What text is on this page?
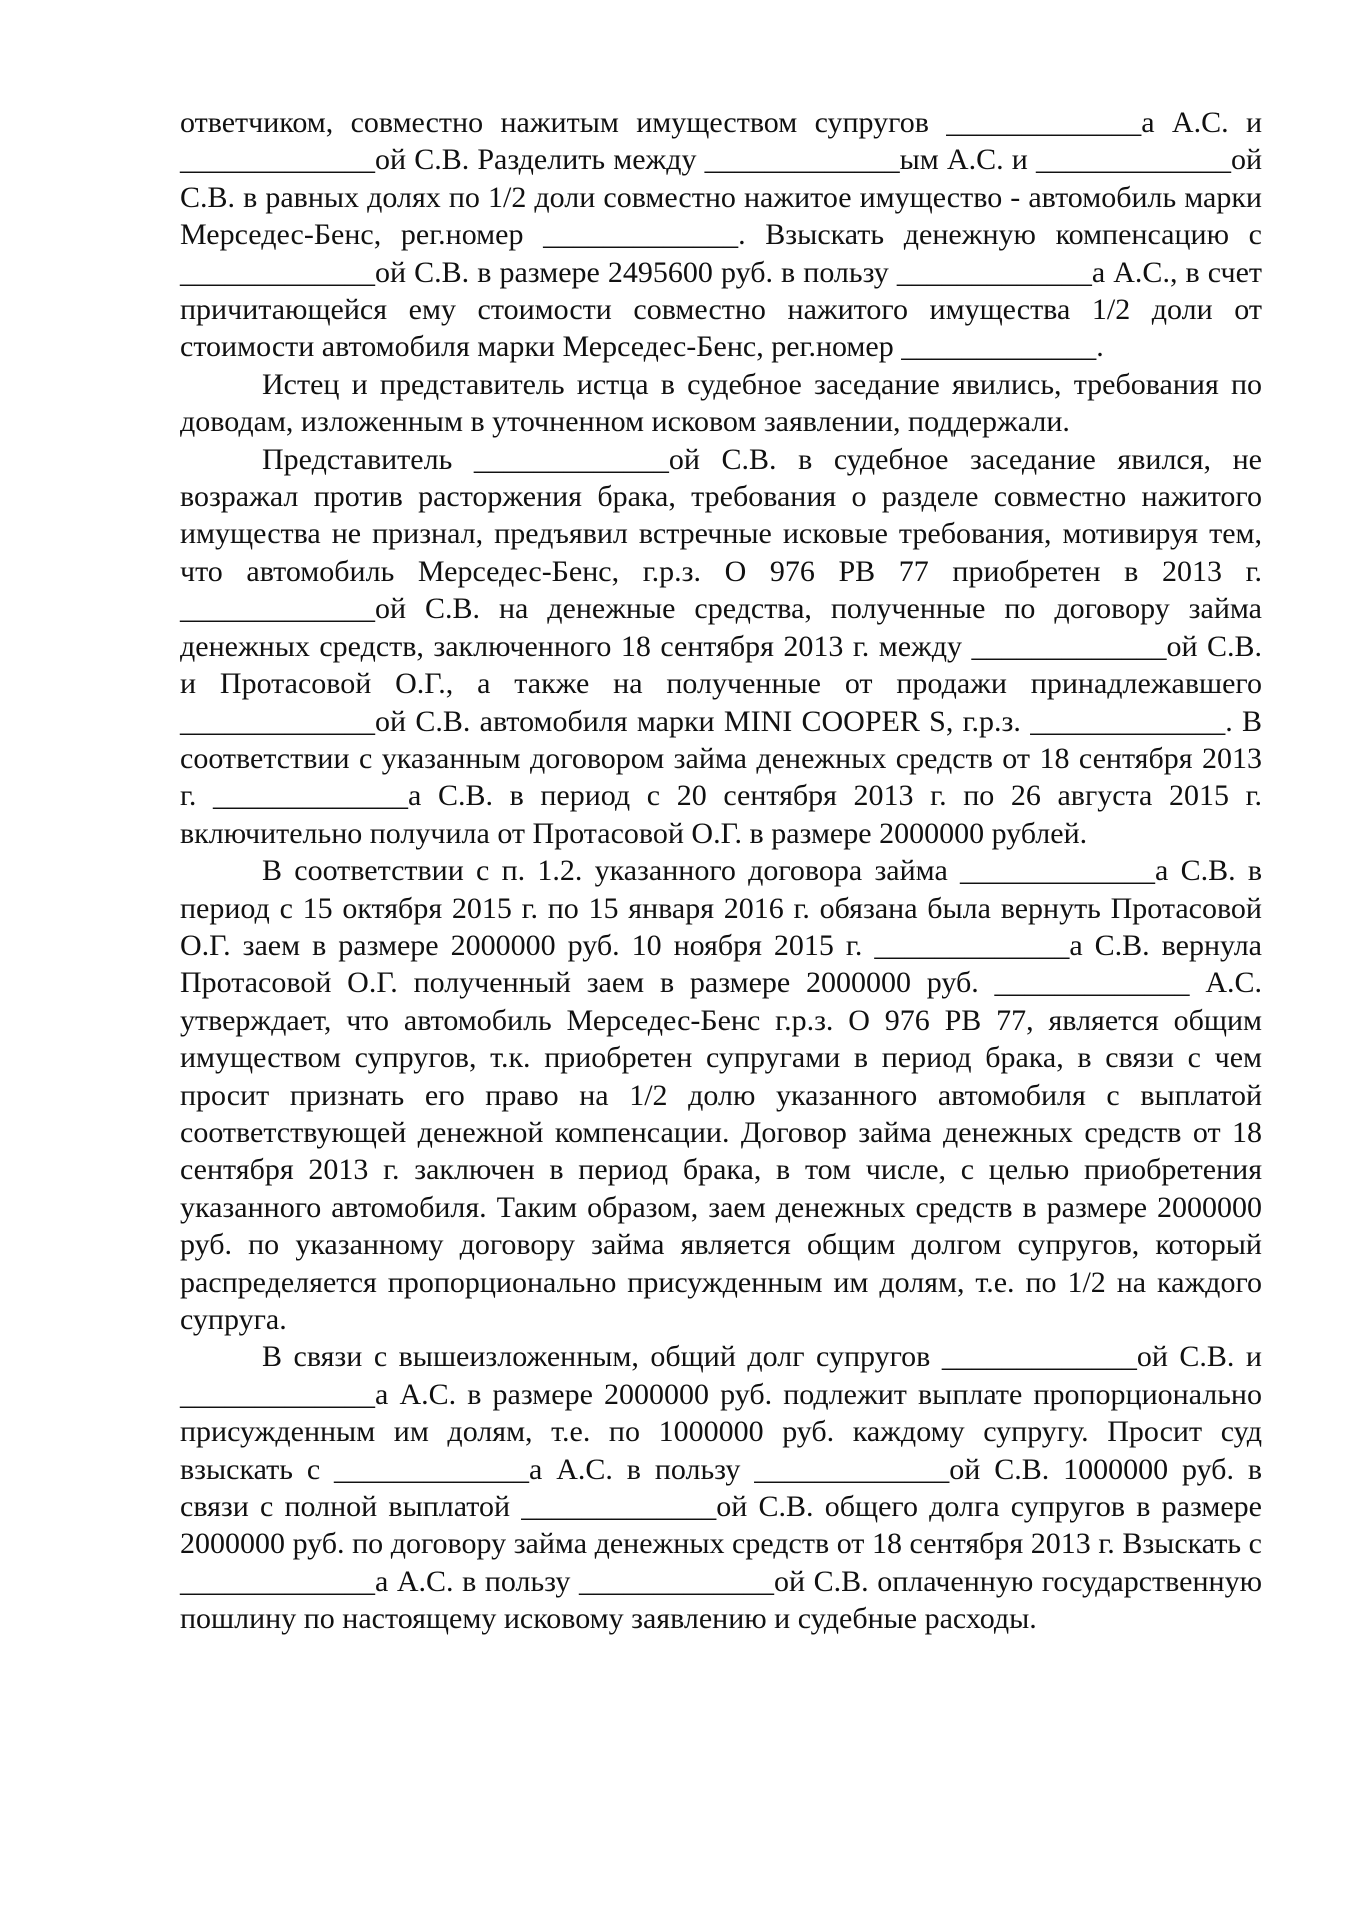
ответчиком, совместно нажитым имуществом супругов _____________а А.С. и _____________ой С.В. Разделить между _____________ым А.С. и _____________ой С.В. в равных долях по 1/2 доли совместно нажитое имущество - автомобиль марки Мерседес-Бенс, рег.номер _____________. Взыскать денежную компенсацию с _____________ой С.В. в размере 2495600 руб. в пользу _____________а А.С., в счет причитающейся ему стоимости совместно нажитого имущества 1/2 доли от стоимости автомобиля марки Мерседес-Бенс, рег.номер _____________.

Истец и представитель истца в судебное заседание явились, требования по доводам, изложенным в уточненном исковом заявлении, поддержали.

Представитель _____________ой С.В. в судебное заседание явился, не возражал против расторжения брака, требования о разделе совместно нажитого имущества не признал, предъявил встречные исковые требования, мотивируя тем, что автомобиль Мерседес-Бенс, г.р.з. О 976 РВ 77 приобретен в 2013 г. _____________ой С.В. на денежные средства, полученные по договору займа денежных средств, заключенного 18 сентября 2013 г. между _____________ой С.В. и Протасовой О.Г., а также на полученные от продажи принадлежавшего _____________ой С.В. автомобиля марки MINI COOPER S, г.р.з. _____________. В соответствии с указанным договором займа денежных средств от 18 сентября 2013 г. _____________а С.В. в период с 20 сентября 2013 г. по 26 августа 2015 г. включительно получила от Протасовой О.Г. в размере 2000000 рублей.

В соответствии с п. 1.2. указанного договора займа _____________а С.В. в период с 15 октября 2015 г. по 15 января 2016 г. обязана была вернуть Протасовой О.Г. заем в размере 2000000 руб. 10 ноября 2015 г. _____________а С.В. вернула Протасовой О.Г. полученный заем в размере 2000000 руб. _____________ А.С. утверждает, что автомобиль Мерседес-Бенс г.р.з. О 976 РВ 77, является общим имуществом супругов, т.к. приобретен супругами в период брака, в связи с чем просит признать его право на 1/2 долю указанного автомобиля с выплатой соответствующей денежной компенсации. Договор займа денежных средств от 18 сентября 2013 г. заключен в период брака, в том числе, с целью приобретения указанного автомобиля. Таким образом, заем денежных средств в размере 2000000 руб. по указанному договору займа является общим долгом супругов, который распределяется пропорционально присужденным им долям, т.е. по 1/2 на каждого супруга.

В связи с вышеизложенным, общий долг супругов _____________ой С.В. и _____________а А.С. в размере 2000000 руб. подлежит выплате пропорционально присужденным им долям, т.е. по 1000000 руб. каждому супругу. Просит суд взыскать с _____________а А.С. в пользу _____________ой С.В. 1000000 руб. в связи с полной выплатой _____________ой С.В. общего долга супругов в размере 2000000 руб. по договору займа денежных средств от 18 сентября 2013 г. Взыскать с _____________а А.С. в пользу _____________ой С.В. оплаченную государственную пошлину по настоящему исковому заявлению и судебные расходы.
